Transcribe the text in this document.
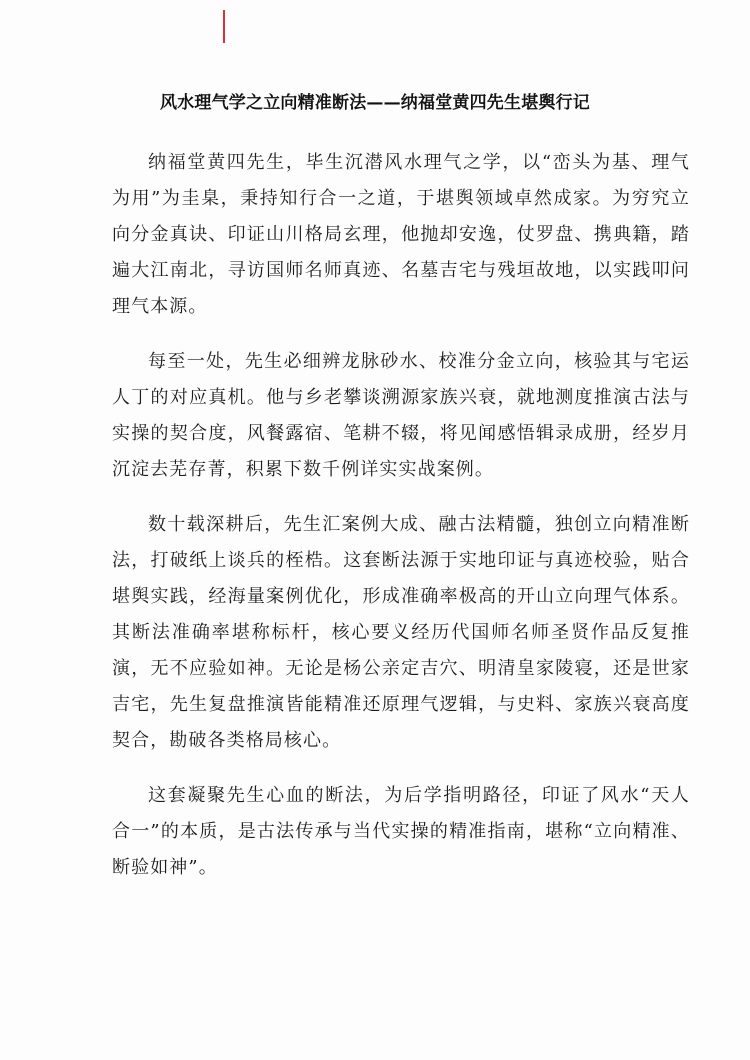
风水理气学之立向精准断法——纳福堂黄四先生堪舆行记

纳福堂黄四先生，毕生沉潜风水理气之学，以“峦头为基、理气为用”为圭臬，秉持知行合一之道，于堪舆领域卓然成家。为穷究立向分金真诀、印证山川格局玄理，他抛却安逸，仗罗盘、携典籍，踏遍大江南北，寻访国师名师真迹、名墓吉宅与残垣故地，以实践叩问理气本源。

每至一处，先生必细辨龙脉砂水、校准分金立向，核验其与宅运人丁的对应真机。他与乡老攀谈溯源家族兴衰，就地测度推演古法与实操的契合度，风餐露宿、笔耕不辍，将见闻感悟辑录成册，经岁月沉淀去芜存菁，积累下数千例详实实战案例。

数十载深耕后，先生汇案例大成、融古法精髓，独创立向精准断法，打破纸上谈兵的桎梏。这套断法源于实地印证与真迹校验，贴合堪舆实践，经海量案例优化，形成准确率极高的开山立向理气体系。其断法准确率堪称标杆，核心要义经历代国师名师圣贤作品反复推演，无不应验如神。无论是杨公亲定吉穴、明清皇家陵寝，还是世家吉宅，先生复盘推演皆能精准还原理气逻辑，与史料、家族兴衰高度契合，勘破各类格局核心。

这套凝聚先生心血的断法，为后学指明路径，印证了风水“天人合一”的本质，是古法传承与当代实操的精准指南，堪称“立向精准、断验如神”。
